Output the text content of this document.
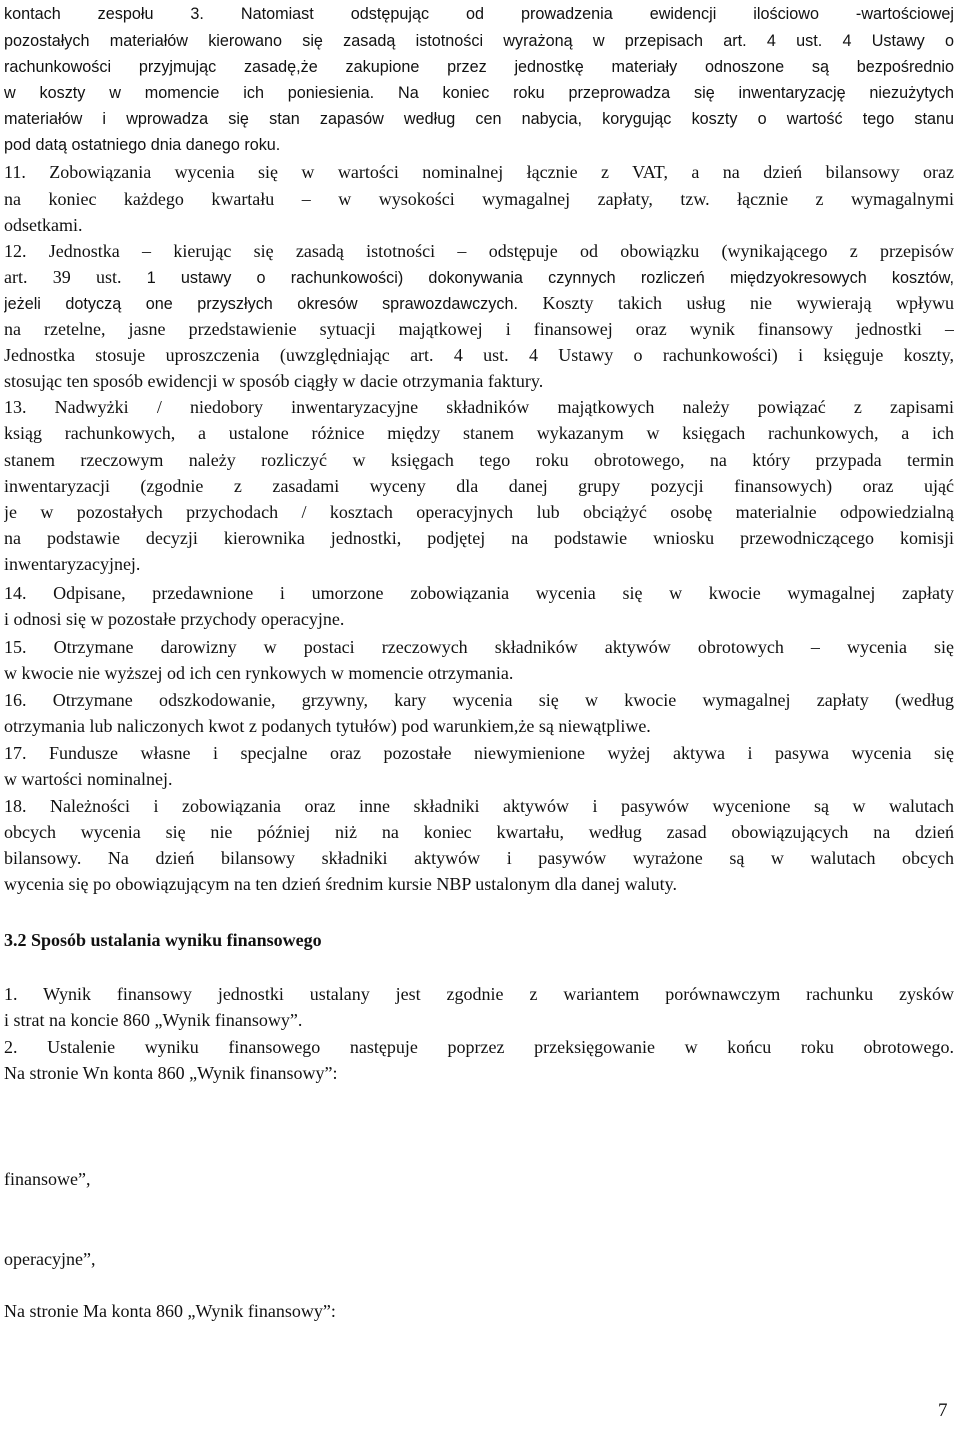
kontach zespołu 3. Natomiast odstępując od prowadzenia ewidencji ilościowo -wartościowej
pozostałych materiałów kierowano się zasadą istotności wyrażoną w przepisach art. 4 ust. 4 Ustawy o
rachunkowości przyjmując zasadę,że zakupione przez jednostkę materiały odnoszone są bezpośrednio
w koszty w momencie ich poniesienia. Na koniec roku przeprowadza się inwentaryzację niezużytych
materiałów i wprowadza się stan zapasów według cen nabycia, korygując koszty o wartość tego stanu
pod datą ostatniego dnia danego roku.
11. Zobowiązania wycenia się w wartości nominalnej łącznie z VAT, a na dzień bilansowy oraz
na koniec każdego kwartału – w wysokości wymagalnej zapłaty, tzw. łącznie z wymagalnymi
odsetkami.
12. Jednostka – kierując się zasadą istotności – odstępuje od obowiązku (wynikającego z przepisów
art. 39 ust. 1 ustawy o rachunkowości) dokonywania czynnych rozliczeń międzyokresowych kosztów,
jeżeli dotyczą one przyszłych okresów sprawozdawczych. Koszty takich usług nie wywierają wpływu
na rzetelne, jasne przedstawienie sytuacji majątkowej i finansowej oraz wynik finansowy jednostki –
Jednostka stosuje uproszczenia (uwzględniając art. 4 ust. 4 Ustawy o rachunkowości) i księguje koszty,
stosując ten sposób ewidencji w sposób ciągły w dacie otrzymania faktury.
13. Nadwyżki / niedobory inwentaryzacyjne składników majątkowych należy powiązać z zapisami
ksiąg rachunkowych, a ustalone różnice między stanem wykazanym w księgach rachunkowych, a ich
stanem rzeczowym należy rozliczyć w księgach tego roku obrotowego, na który przypada termin
inwentaryzacji (zgodnie z zasadami wyceny dla danej grupy pozycji finansowych) oraz ująć
je w pozostałych przychodach / kosztach operacyjnych lub obciążyć osobę materialnie odpowiedzialną
na podstawie decyzji kierownika jednostki, podjętej na podstawie wniosku przewodniczącego komisji
inwentaryzacyjnej.
14. Odpisane, przedawnione i umorzone zobowiązania wycenia się w kwocie wymagalnej zapłaty
i odnosi się w pozostałe przychody operacyjne.
15. Otrzymane darowizny w postaci rzeczowych składników aktywów obrotowych – wycenia się
w kwocie nie wyższej od ich cen rynkowych w momencie otrzymania.
16. Otrzymane odszkodowanie, grzywny, kary wycenia się w kwocie wymagalnej zapłaty (według
otrzymania lub naliczonych kwot z podanych tytułów) pod warunkiem,że są niewątpliwe.
17. Fundusze własne i specjalne oraz pozostałe niewymienione wyżej aktywa i pasywa wycenia się
w wartości nominalnej.
18. Należności i zobowiązania oraz inne składniki aktywów i pasywów wycenione są w walutach
obcych wycenia się nie później niż na koniec kwartału, według zasad obowiązujących na dzień
bilansowy. Na dzień bilansowy składniki aktywów i pasywów wyrażone są w walutach obcych
wycenia się po obowiązującym na ten dzień średnim kursie NBP ustalonym dla danej waluty.
3.2 Sposób ustalania wyniku finansowego
1. Wynik finansowy jednostki ustalany jest zgodnie z wariantem porównawczym rachunku zysków
i strat na koncie 860 „Wynik finansowy”.
2. Ustalenie wyniku finansowego następuje poprzez przeksięgowanie w końcu roku obrotowego.
Na stronie Wn konta 860 „Wynik finansowy”:
finansowe”,
operacyjne”,
Na stronie Ma konta 860 „Wynik finansowy”:
7
